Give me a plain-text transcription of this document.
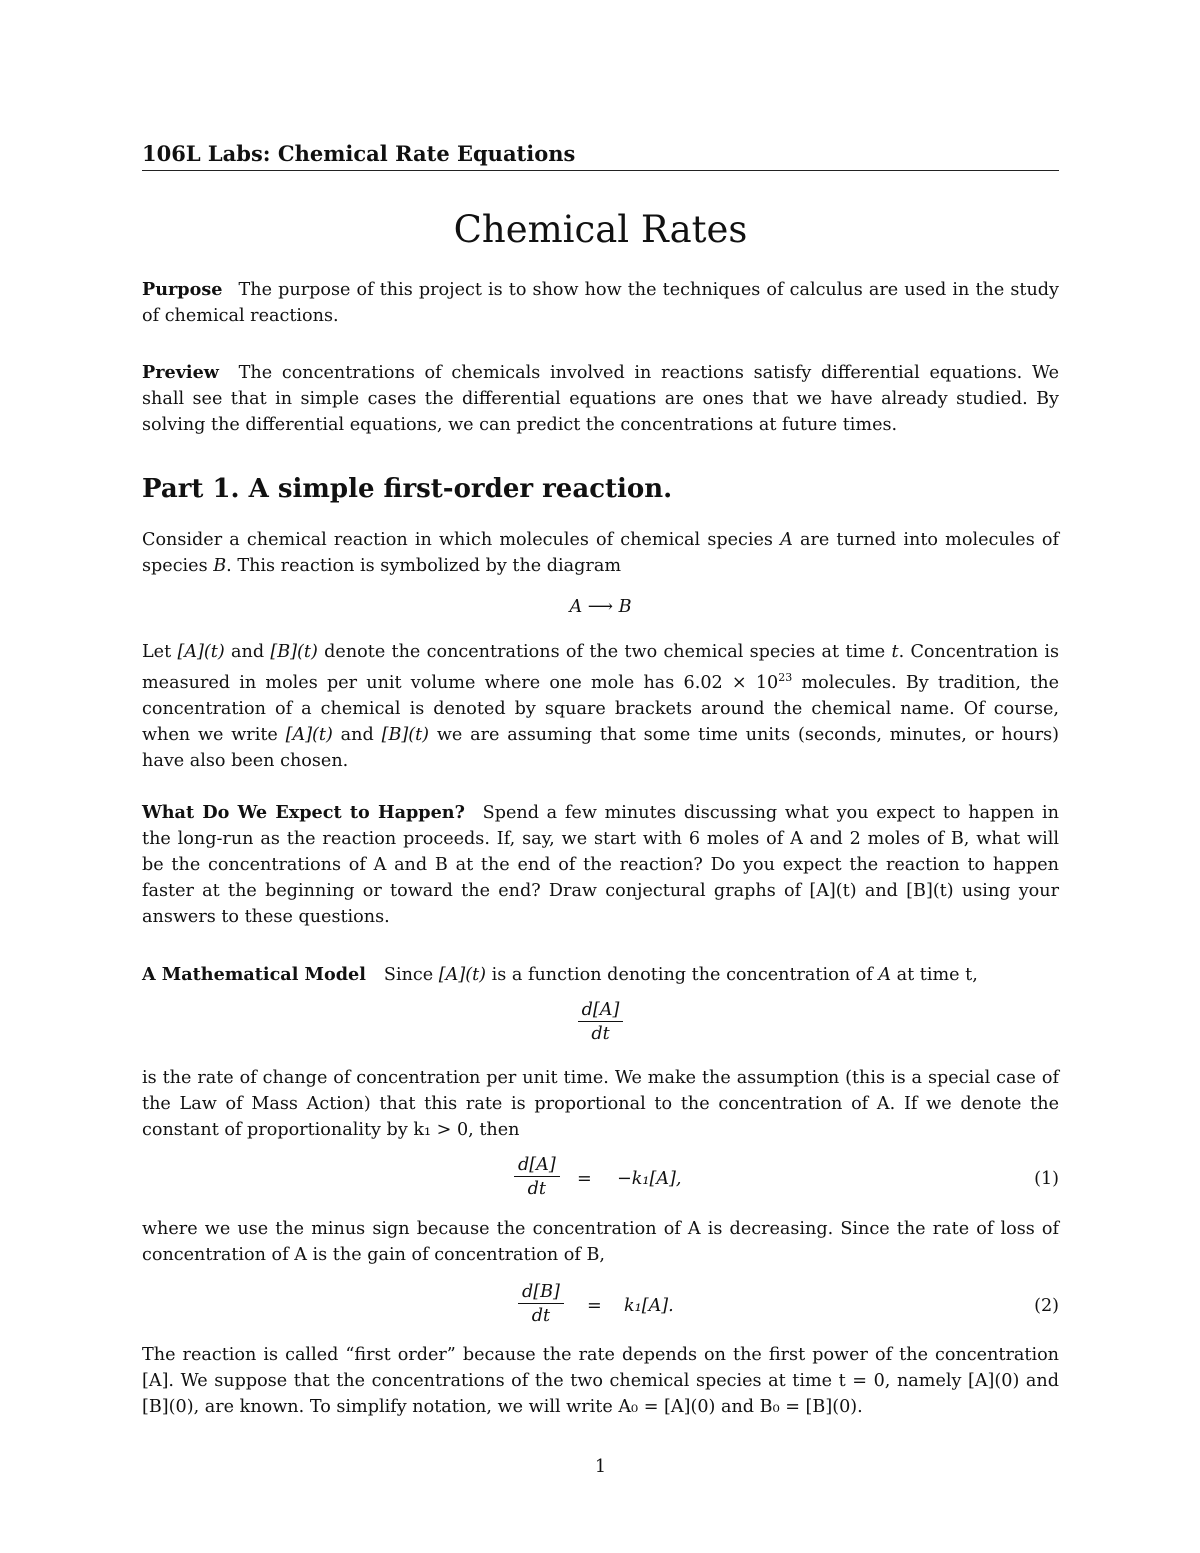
106L Labs: Chemical Rate Equations
Chemical Rates
Purpose The purpose of this project is to show how the techniques of calculus are used in the study of chemical reactions.
Preview The concentrations of chemicals involved in reactions satisfy differential equations. We shall see that in simple cases the differential equations are ones that we have already studied. By solving the differential equations, we can predict the concentrations at future times.
Part 1. A simple first-order reaction.
Consider a chemical reaction in which molecules of chemical species A are turned into molecules of species B. This reaction is symbolized by the diagram
A ⟶ B
Let [A](t) and [B](t) denote the concentrations of the two chemical species at time t. Concentration is measured in moles per unit volume where one mole has $6.02 \times 10^{23}$ molecules. By tradition, the concentration of a chemical is denoted by square brackets around the chemical name. Of course, when we write [A](t) and [B](t) we are assuming that some time units (seconds, minutes, or hours) have also been chosen.
What Do We Expect to Happen? Spend a few minutes discussing what you expect to happen in the long-run as the reaction proceeds. If, say, we start with 6 moles of A and 2 moles of B, what will be the concentrations of A and B at the end of the reaction? Do you expect the reaction to happen faster at the beginning or toward the end? Draw conjectural graphs of [A](t) and [B](t) using your answers to these questions.
A Mathematical Model Since [A](t) is a function denoting the concentration of A at time t,
$\frac{d[A]}{dt}$
is the rate of change of concentration per unit time. We make the assumption (this is a special case of the Law of Mass Action) that this rate is proportional to the concentration of A. If we denote the constant of proportionality by k₁ > 0, then
$\frac{d[A]}{dt} = -k_1[A]$,	(1)
where we use the minus sign because the concentration of A is decreasing. Since the rate of loss of concentration of A is the gain of concentration of B,
$\frac{d[B]}{dt} = k_1[A]$.	(2)
The reaction is called “first order” because the rate depends on the first power of the concentration [A]. We suppose that the concentrations of the two chemical species at time t = 0, namely [A](0) and [B](0), are known. To simplify notation, we will write A₀ = [A](0) and B₀ = [B](0).
1
